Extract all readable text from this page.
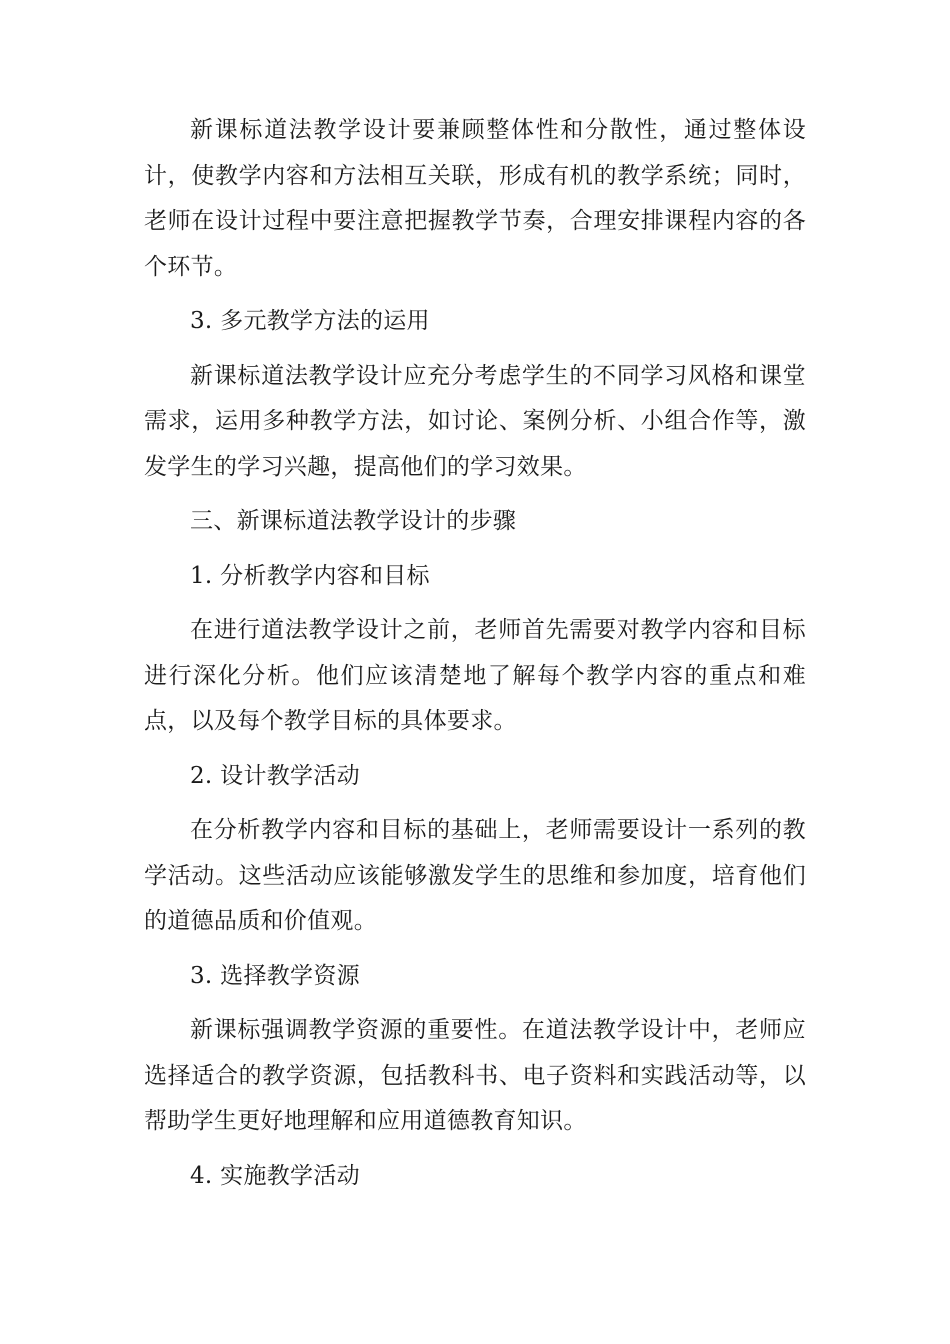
新课标道法教学设计要兼顾整体性和分散性，通过整体设计，使教学内容和方法相互关联，形成有机的教学系统；同时，老师在设计过程中要注意把握教学节奏，合理安排课程内容的各个环节。

3. 多元教学方法的运用

新课标道法教学设计应充分考虑学生的不同学习风格和课堂需求，运用多种教学方法，如讨论、案例分析、小组合作等，激发学生的学习兴趣，提高他们的学习效果。

三、新课标道法教学设计的步骤

1. 分析教学内容和目标

在进行道法教学设计之前，老师首先需要对教学内容和目标进行深化分析。他们应该清楚地了解每个教学内容的重点和难点，以及每个教学目标的具体要求。

2. 设计教学活动

在分析教学内容和目标的基础上，老师需要设计一系列的教学活动。这些活动应该能够激发学生的思维和参加度，培育他们的道德品质和价值观。

3. 选择教学资源

新课标强调教学资源的重要性。在道法教学设计中，老师应选择适合的教学资源，包括教科书、电子资料和实践活动等，以帮助学生更好地理解和应用道德教育知识。

4. 实施教学活动
